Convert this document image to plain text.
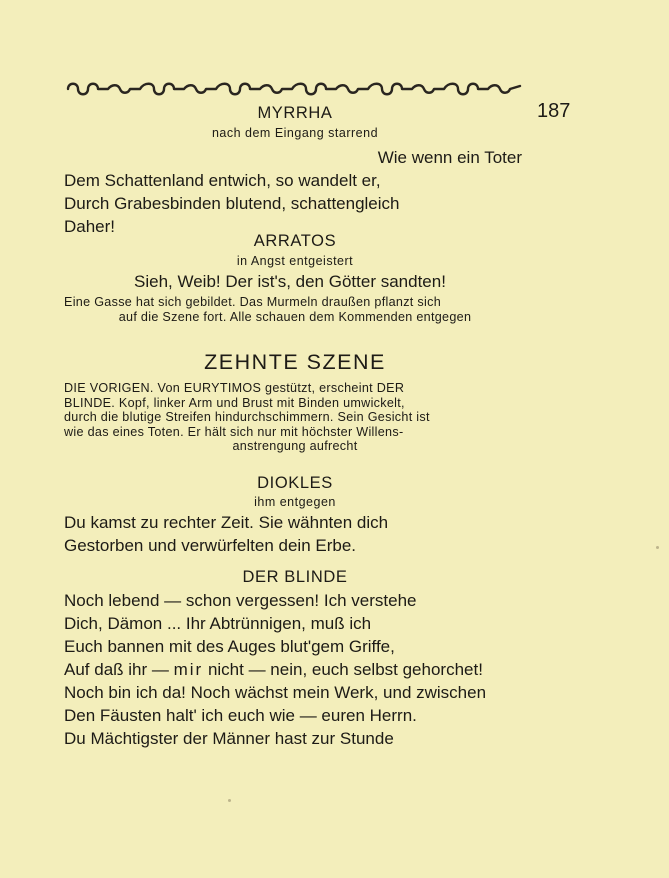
MYRRHA	187
nach dem Eingang starrend
Wie wenn ein Toter
Dem Schattenland entwich, so wandelt er,
Durch Grabesbinden blutend, schattengleich
Daher!
ARRATOS
in Angst entgeistert
Sieh, Weib! Der ist's, den Götter sandten!
Eine Gasse hat sich gebildet. Das Murmeln draußen pflanzt sich
auf die Szene fort. Alle schauen dem Kommenden entgegen
ZEHNTE SZENE
DIE VORIGEN. Von EURYTIMOS gestützt, erscheint DER
BLINDE. Kopf, linker Arm und Brust mit Binden umwickelt,
durch die blutige Streifen hindurchschimmern. Sein Gesicht ist
wie das eines Toten. Er hält sich nur mit höchster Willens-
anstrengung aufrecht
DIOKLES
ihm entgegen
Du kamst zu rechter Zeit. Sie wähnten dich
Gestorben und verwürfelten dein Erbe.
DER BLINDE
Noch lebend — schon vergessen! Ich verstehe
Dich, Dämon ... Ihr Abtrünnigen, muß ich
Euch bannen mit des Auges blut'gem Griffe,
Auf daß ihr — mir nicht — nein, euch selbst gehorchet!
Noch bin ich da! Noch wächst mein Werk, und zwischen
Den Fäusten halt' ich euch wie — euren Herrn.
Du Mächtigster der Männer hast zur Stunde
